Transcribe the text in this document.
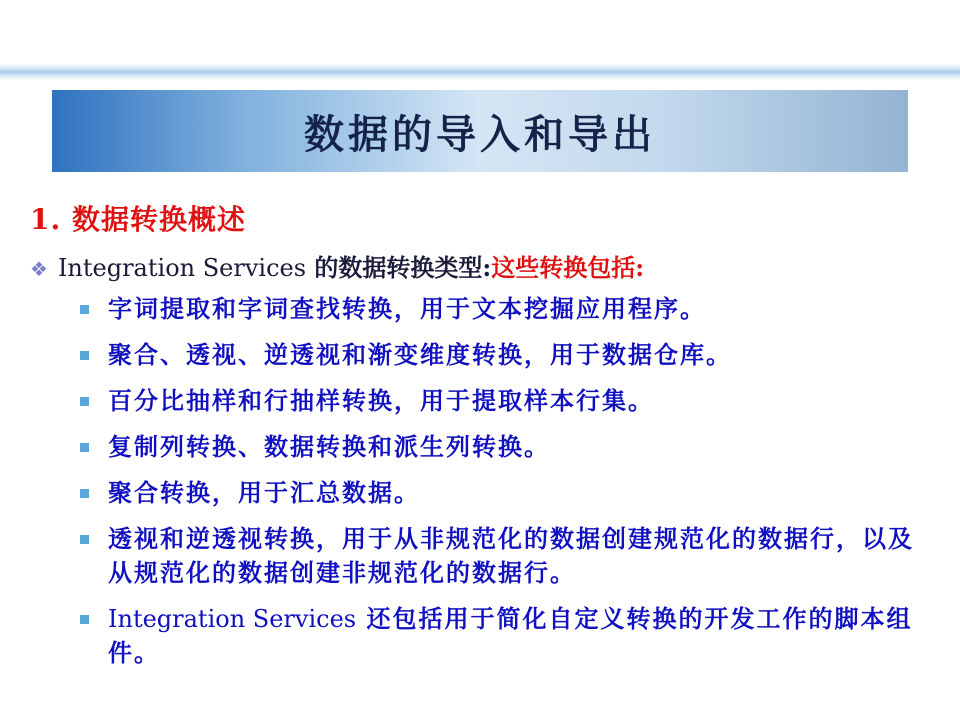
数据的导入和导出
1. 数据转换概述
❖ Integration Services 的数据转换类型:这些转换包括:
字词提取和字词查找转换，用于文本挖掘应用程序。
聚合、透视、逆透视和渐变维度转换，用于数据仓库。
百分比抽样和行抽样转换，用于提取样本行集。
复制列转换、数据转换和派生列转换。
聚合转换，用于汇总数据。
透视和逆透视转换，用于从非规范化的数据创建规范化的数据行，以及从规范化的数据创建非规范化的数据行。
Integration Services 还包括用于简化自定义转换的开发工作的脚本组件。
